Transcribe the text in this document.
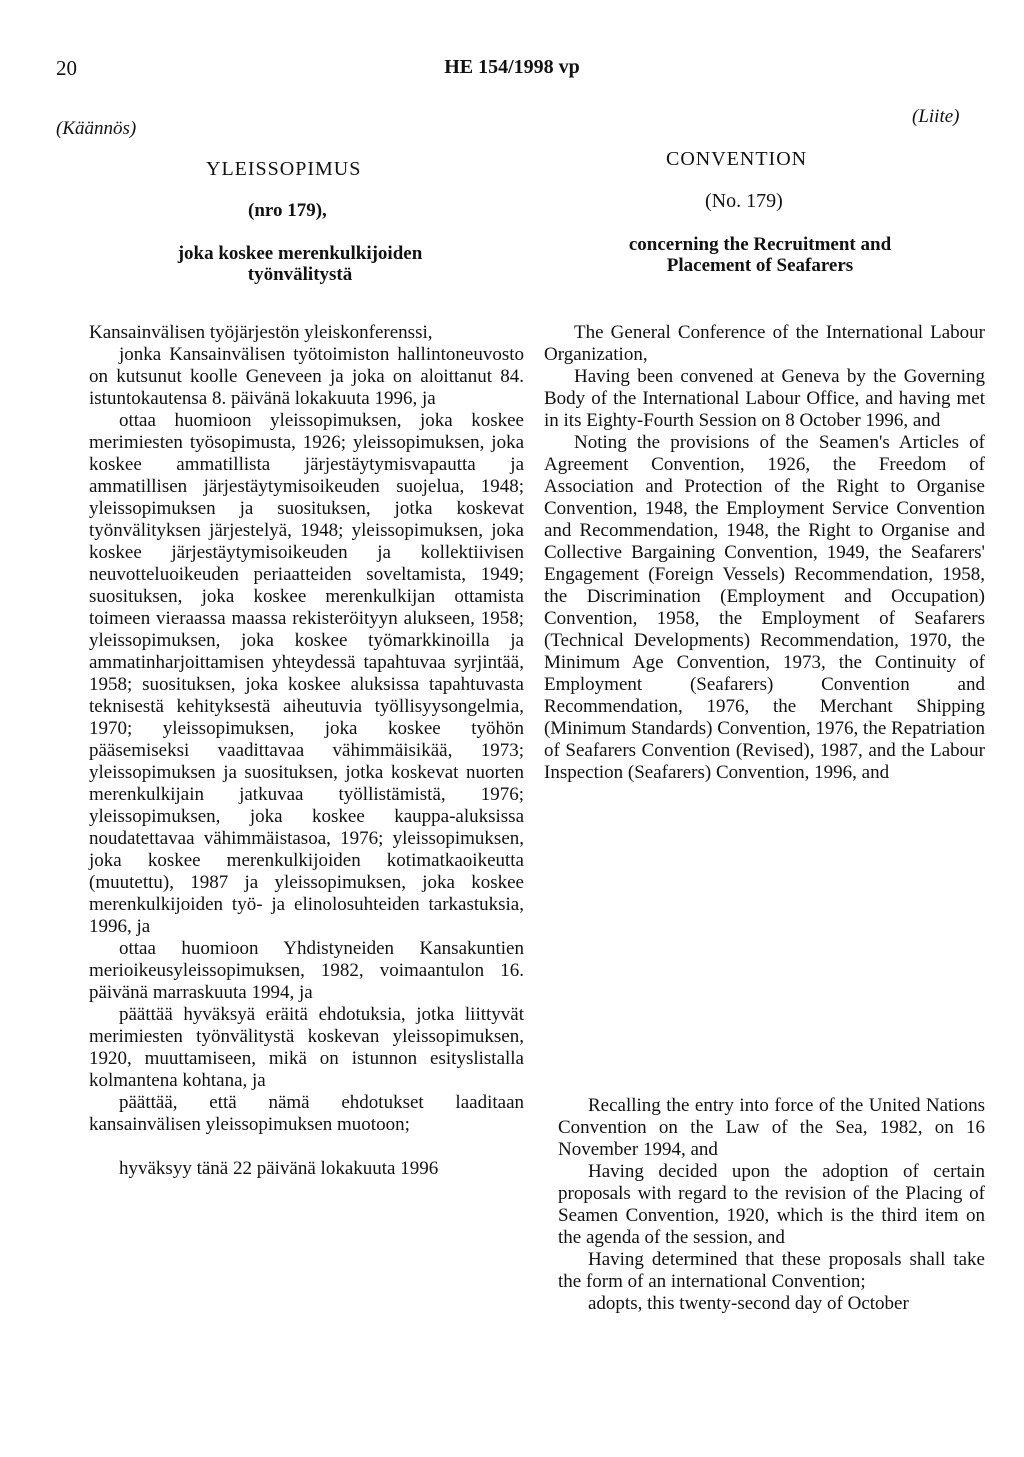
20	HE 154/1998 vp
(Käännös)
YLEISSOPIMUS
(nro 179),
joka koskee merenkulkijoiden työnvälitystä
(Liite)
CONVENTION
(No. 179)
concerning the Recruitment and Placement of Seafarers

Kansainvälisen työjärjestön yleiskonferenssi,

jonka Kansainvälisen työtoimiston hallintoneuvosto on kutsunut koolle Geneveen ja joka on aloittanut 84. istuntokautensa 8. päivänä lokakuuta 1996, ja

ottaa huomioon yleissopimuksen, joka koskee merimiesten työsopimusta, 1926; yleissopimuksen, joka koskee ammatillista järjestäytymisvapautta ja ammatillisen järjestäytymisoikeuden suojelua, 1948; yleissopimuksen ja suosituksen, jotka koskevat työnvälityksen järjestelyä, 1948; yleissopimuksen, joka koskee järjestäytymisoikeuden ja kollektiivisen neuvotteluoikeuden periaatteiden soveltamista, 1949; suosituksen, joka koskee merenkulkijan ottamista toimeen vieraassa maassa rekisteröityyn alukseen, 1958; yleissopimuksen, joka koskee työmarkkinoilla ja ammatinharjoittamisen yhteydessä tapahtuvaa syrjintää, 1958; suosituksen, joka koskee aluksissa tapahtuvasta teknisestä kehityksestä aiheutuvia työllisyysongelmia, 1970; yleissopimuksen, joka koskee työhön pääsemiseksi vaadittavaa vähimmäisikää, 1973; yleissopimuksen ja suosituksen, jotka koskevat nuorten merenkulkijain jatkuvaa työllistämistä, 1976; yleissopimuksen, joka koskee kauppa-aluksissa noudatettavaa vähimmäistasoa, 1976; yleissopimuksen, joka koskee merenkulkijoiden kotimatkaoikeutta (muutettu), 1987 ja yleissopimuksen, joka koskee merenkulkijoiden työ- ja elinolosuhteiden tarkastuksia, 1996, ja

ottaa huomioon Yhdistyneiden Kansakuntien merioikeusyleissopimuksen, 1982, voimaantulon 16. päivänä marraskuuta 1994, ja

päättää hyväksyä eräitä ehdotuksia, jotka liittyvät merimiesten työnvälitystä koskevan yleissopimuksen, 1920, muuttamiseen, mikä on istunnon esityslistalla kolmantena kohtana, ja

päättää, että nämä ehdotukset laaditaan kansainvälisen yleissopimuksen muotoon;

hyväksyy tänä 22 päivänä lokakuuta 1996

The General Conference of the International Labour Organization,

Having been convened at Geneva by the Governing Body of the International Labour Office, and having met in its Eighty-Fourth Session on 8 October 1996, and

Noting the provisions of the Seamen's Articles of Agreement Convention, 1926, the Freedom of Association and Protection of the Right to Organise Convention, 1948, the Employment Service Convention and Recommendation, 1948, the Right to Organise and Collective Bargaining Convention, 1949, the Seafarers' Engagement (Foreign Vessels) Recommendation, 1958, the Discrimination (Employment and Occupation) Convention, 1958, the Employment of Seafarers (Technical Developments) Recommendation, 1970, the Minimum Age Convention, 1973, the Continuity of Employment (Seafarers) Convention and Recommendation, 1976, the Merchant Shipping (Minimum Standards) Convention, 1976, the Repatriation of Seafarers Convention (Revised), 1987, and the Labour Inspection (Seafarers) Convention, 1996, and

Recalling the entry into force of the United Nations Convention on the Law of the Sea, 1982, on 16 November 1994, and

Having decided upon the adoption of certain proposals with regard to the revision of the Placing of Seamen Convention, 1920, which is the third item on the agenda of the session, and

Having determined that these proposals shall take the form of an international Convention;

adopts, this twenty-second day of October
